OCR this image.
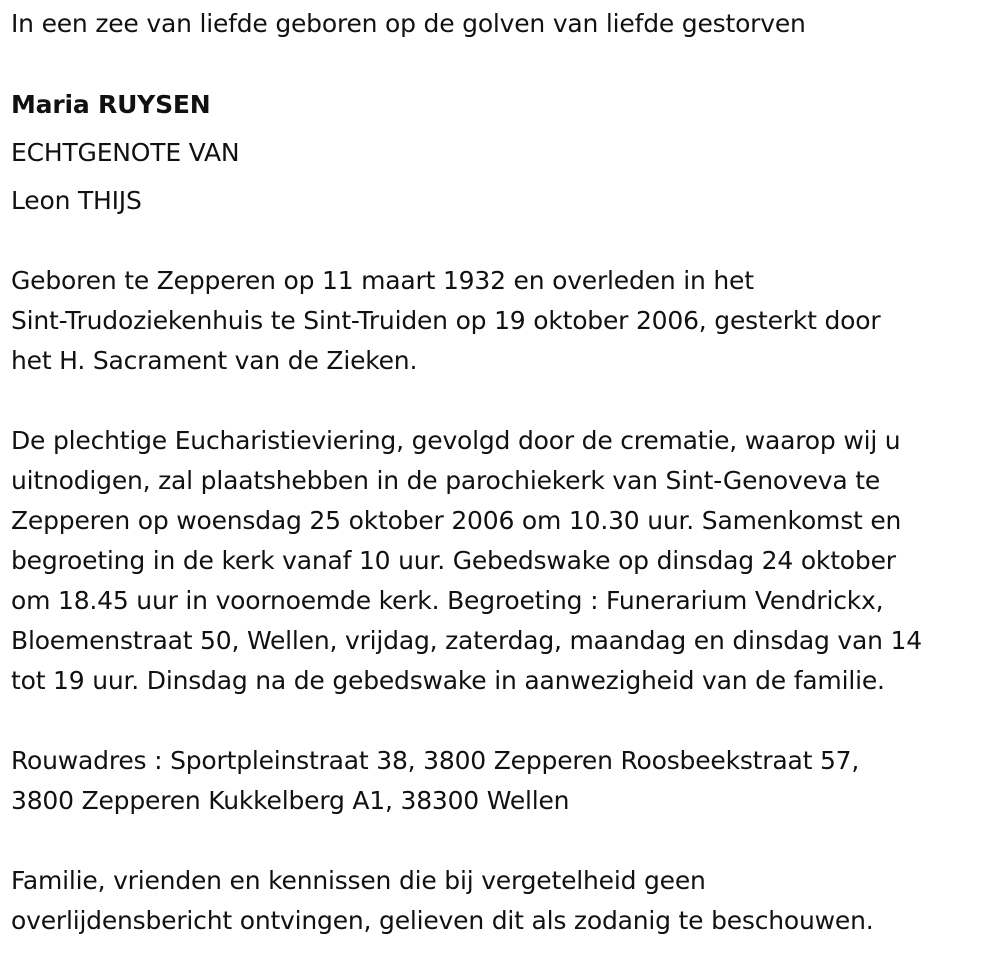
In een zee van liefde geboren op de golven van liefde gestorven

Maria RUYSEN

ECHTGENOTE VAN

Leon THIJS

Geboren te Zepperen op 11 maart 1932 en overleden in het
Sint-Trudoziekenhuis te Sint-Truiden op 19 oktober 2006, gesterkt door
het H. Sacrament van de Zieken.
De plechtige Eucharistieviering, gevolgd door de crematie, waarop wij u
uitnodigen, zal plaatshebben in de parochiekerk van Sint-Genoveva te
Zepperen op woensdag 25 oktober 2006 om 10.30 uur. Samenkomst en
begroeting in de kerk vanaf 10 uur. Gebedswake op dinsdag 24 oktober
om 18.45 uur in voornoemde kerk. Begroeting : Funerarium Vendrickx,
Bloemenstraat 50, Wellen, vrijdag, zaterdag, maandag en dinsdag van 14
tot 19 uur. Dinsdag na de gebedswake in aanwezigheid van de familie.
Rouwadres : Sportpleinstraat 38, 3800 Zepperen Roosbeekstraat 57,
3800 Zepperen Kukkelberg A1, 38300 Wellen
Familie, vrienden en kennissen die bij vergetelheid geen
overlijdensbericht ontvingen, gelieven dit als zodanig te beschouwen.
